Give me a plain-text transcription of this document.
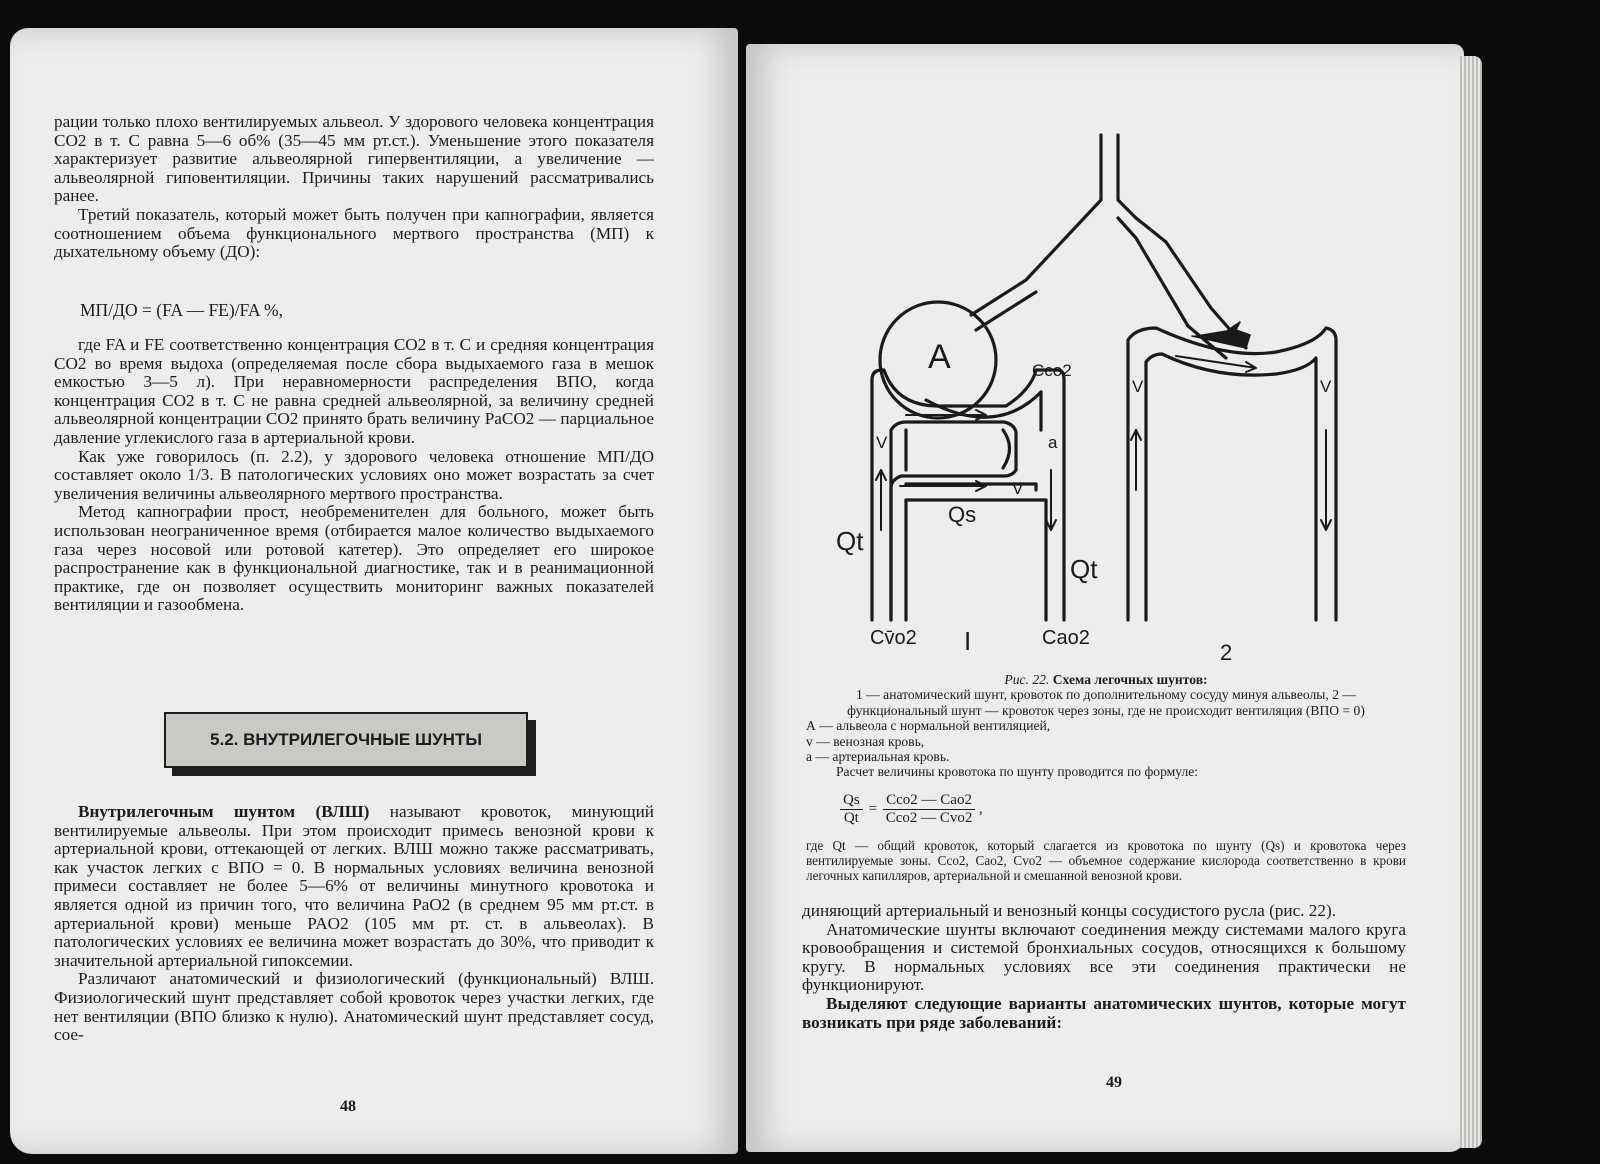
рации только плохо вентилируемых альвеол. У здорового человека концентрация CO2 в т. С равна 5—6 об% (35—45 мм рт.ст.). Уменьшение этого показателя характеризует развитие альвеолярной гипервентиляции, а увеличение — альвеолярной гиповентиляции. Причины таких нарушений рассматривались ранее.

Третий показатель, который может быть получен при капнографии, является соотношением объема функционального мертвого пространства (МП) к дыхательному объему (ДО):

МП/ДО = (FA — FE)/FA %,

где FA и FE соответственно концентрация CO2 в т. С и средняя концентрация CO2 во время выдоха (определяемая после сбора выдыхаемого газа в мешок емкостью 3—5 л). При неравномерности распределения ВПО, когда концентрация CO2 в т. С не равна средней альвеолярной, за величину средней альвеолярной концентрации CO2 принято брать величину PaCO2 — парциальное давление углекислого газа в артериальной крови.

Как уже говорилось (п. 2.2), у здорового человека отношение МП/ДО составляет около 1/3. В патологических условиях оно может возрастать за счет увеличения величины альвеолярного мертвого пространства.

Метод капнографии прост, необременителен для больного, может быть использован неограниченное время (отбирается малое количество выдыхаемого газа через носовой или ротовой катетер). Это определяет его широкое распространение как в функциональной диагностике, так и в реанимационной практике, где он позволяет осуществить мониторинг важных показателей вентиляции и газообмена.

5.2. ВНУТРИЛЕГОЧНЫЕ ШУНТЫ

Внутрилегочным шунтом (ВЛШ) называют кровоток, минующий вентилируемые альвеолы. При этом происходит примесь венозной крови к артериальной крови, оттекающей от легких. ВЛШ можно также рассматривать, как участок легких с ВПО = 0. В нормальных условиях величина венозной примеси составляет не более 5—6% от величины минутного кровотока и является одной из причин того, что величина PaO2 (в среднем 95 мм рт.ст. в артериальной крови) меньше PAO2 (105 мм рт. ст. в альвеолах). В патологических условиях ее величина может возрастать до 30%, что приводит к значительной артериальной гипоксемии.

Различают анатомический и физиологический (функциональный) ВЛШ. Физиологический шунт представляет собой кровоток через участки легких, где нет вентиляции (ВПО близко к нулю). Анатомический шунт представляет сосуд, сое-

48
A	Cco2
V	a
V
Qs
Qt
Qt
Cv̄o2 I	Cao2
2
V	V
Рис. 22. Схема легочных шунтов:
1 — анатомический шунт, кровоток по дополнительному сосуду минуя альвеолы, 2 — функциональный шунт — кровоток через зоны, где не происходит вентиляция (ВПО = 0)
А — альвеола с нормальной вентиляцией,
v — венозная кровь,
a — артериальная кровь.
Расчет величины кровотока по шунту проводится по формуле:
$\frac{Qs}{Qt} = \frac{\text{Cco2 — Cao2}}{\text{Cco2 — Cvo2}}$ ,
где Qt — общий кровоток, который слагается из кровотока по шунту (Qs) и кровотока через вентилируемые зоны. Cco2, Cao2, Cvo2 — объемное содержание кислорода соответственно в крови легочных капилляров, артериальной и смешанной венозной крови.

диняющий артериальный и венозный концы сосудистого русла (рис. 22).

Анатомические шунты включают соединения между системами малого круга кровообращения и системой бронхиальных сосудов, относящихся к большому кругу. В нормальных условиях все эти соединения практически не функционируют.

Выделяют следующие варианты анатомических шунтов, которые могут возникать при ряде заболеваний:

49
